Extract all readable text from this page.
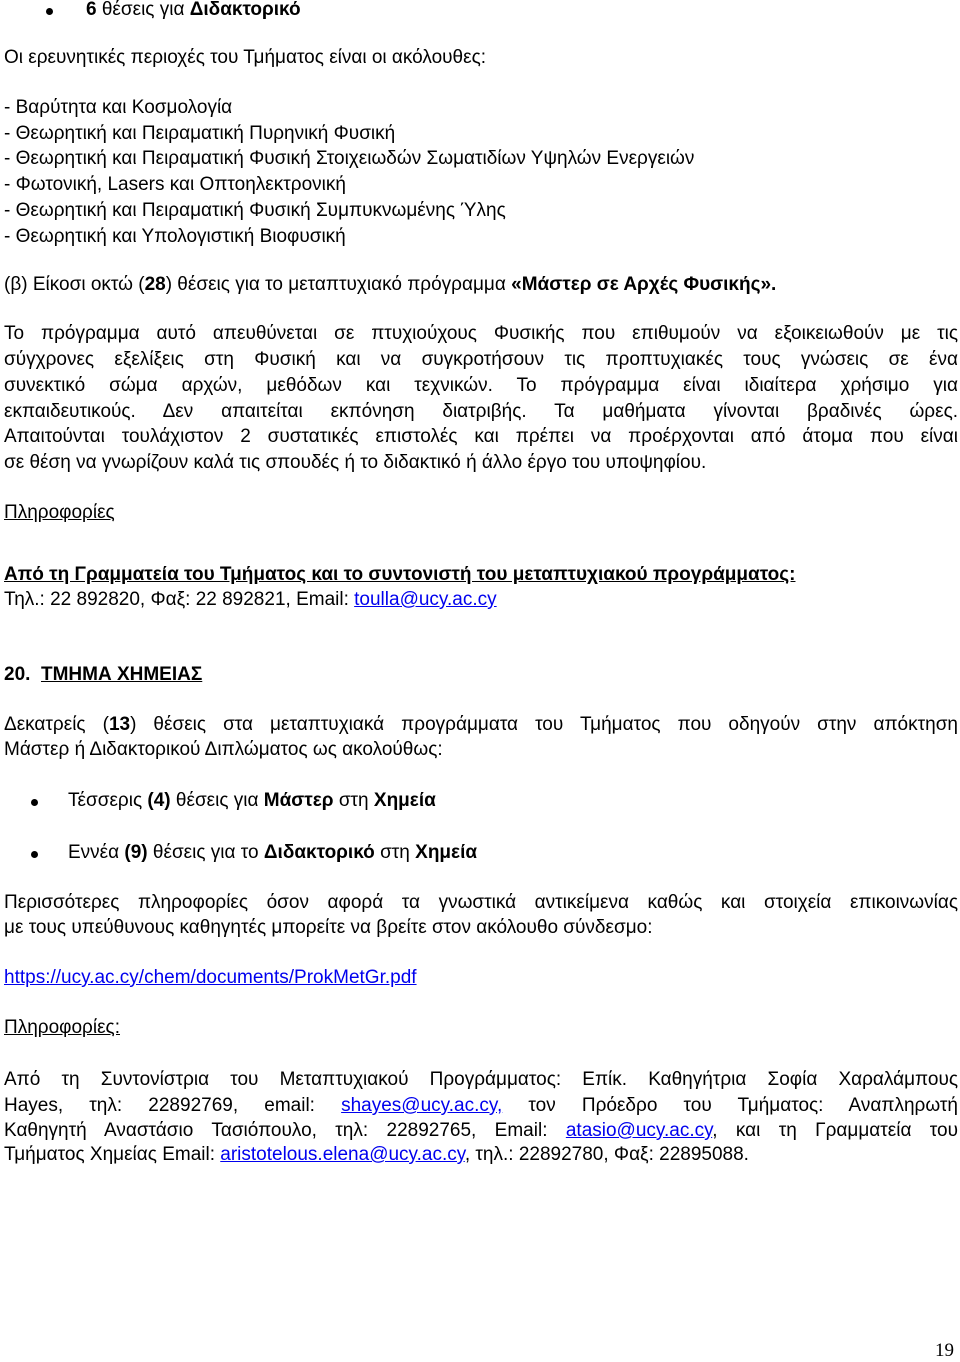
6 θέσεις για Διδακτορικό
Οι ερευνητικές περιοχές του Τμήματος είναι οι ακόλουθες:
- Βαρύτητα και Κοσμολογία
- Θεωρητική και Πειραματική Πυρηνική Φυσική
- Θεωρητική και Πειραματική Φυσική Στοιχειωδών Σωματιδίων Υψηλών Ενεργειών
- Φωτονική, Lasers και Οπτοηλεκτρονική
- Θεωρητική και Πειραματική Φυσική Συμπυκνωμένης Ύλης
- Θεωρητική και Υπολογιστική Βιοφυσική
(β) Είκοσι οκτώ (28) θέσεις για το μεταπτυχιακό πρόγραμμα «Μάστερ σε Αρχές Φυσικής».
Το πρόγραμμα αυτό απευθύνεται σε πτυχιούχους Φυσικής που επιθυμούν να εξοικειωθούν με τις
σύγχρονες εξελίξεις στη Φυσική και να συγκροτήσουν τις προπτυχιακές τους γνώσεις σε ένα
συνεκτικό σώμα αρχών, μεθόδων και τεχνικών. Το πρόγραμμα είναι ιδιαίτερα χρήσιμο για
εκπαιδευτικούς. Δεν απαιτείται εκπόνηση διατριβής. Τα μαθήματα γίνονται βραδινές ώρες.
Απαιτούνται τουλάχιστον 2 συστατικές επιστολές και πρέπει να προέρχονται από άτομα που είναι
σε θέση να γνωρίζουν καλά τις σπουδές ή το διδακτικό ή άλλο έργο του υποψηφίου.
Πληροφορίες
Από τη Γραμματεία του Τμήματος και το συντονιστή του μεταπτυχιακού προγράμματος:
Τηλ.: 22 892820, Φαξ: 22 892821, Email: toulla@ucy.ac.cy
20. ΤΜΗΜΑ ΧΗΜΕΙΑΣ
Δεκατρείς (13) θέσεις στα μεταπτυχιακά προγράμματα του Τμήματος που οδηγούν στην απόκτηση
Μάστερ ή Διδακτορικού Διπλώματος ως ακολούθως:
Τέσσερις (4) θέσεις για Μάστερ στη Χημεία
Εννέα (9) θέσεις για το Διδακτορικό στη Χημεία
Περισσότερες πληροφορίες όσον αφορά τα γνωστικά αντικείμενα καθώς και στοιχεία επικοινωνίας
με τους υπεύθυνους καθηγητές μπορείτε να βρείτε στον ακόλουθο σύνδεσμο:
https://ucy.ac.cy/chem/documents/ProkMetGr.pdf
Πληροφορίες:
Από τη Συντονίστρια του Μεταπτυχιακού Προγράμματος: Επίκ. Καθηγήτρια Σοφία Χαραλάμπους
Hayes, τηλ: 22892769, email: shayes@ucy.ac.cy, τον Πρόεδρο του Τμήματος: Αναπληρωτή
Καθηγητή Αναστάσιο Τασιόπουλο, τηλ: 22892765, Email: atasio@ucy.ac.cy, και τη Γραμματεία του
Τμήματος Χημείας Email: aristotelous.elena@ucy.ac.cy, τηλ.: 22892780, Φαξ: 22895088.
19
